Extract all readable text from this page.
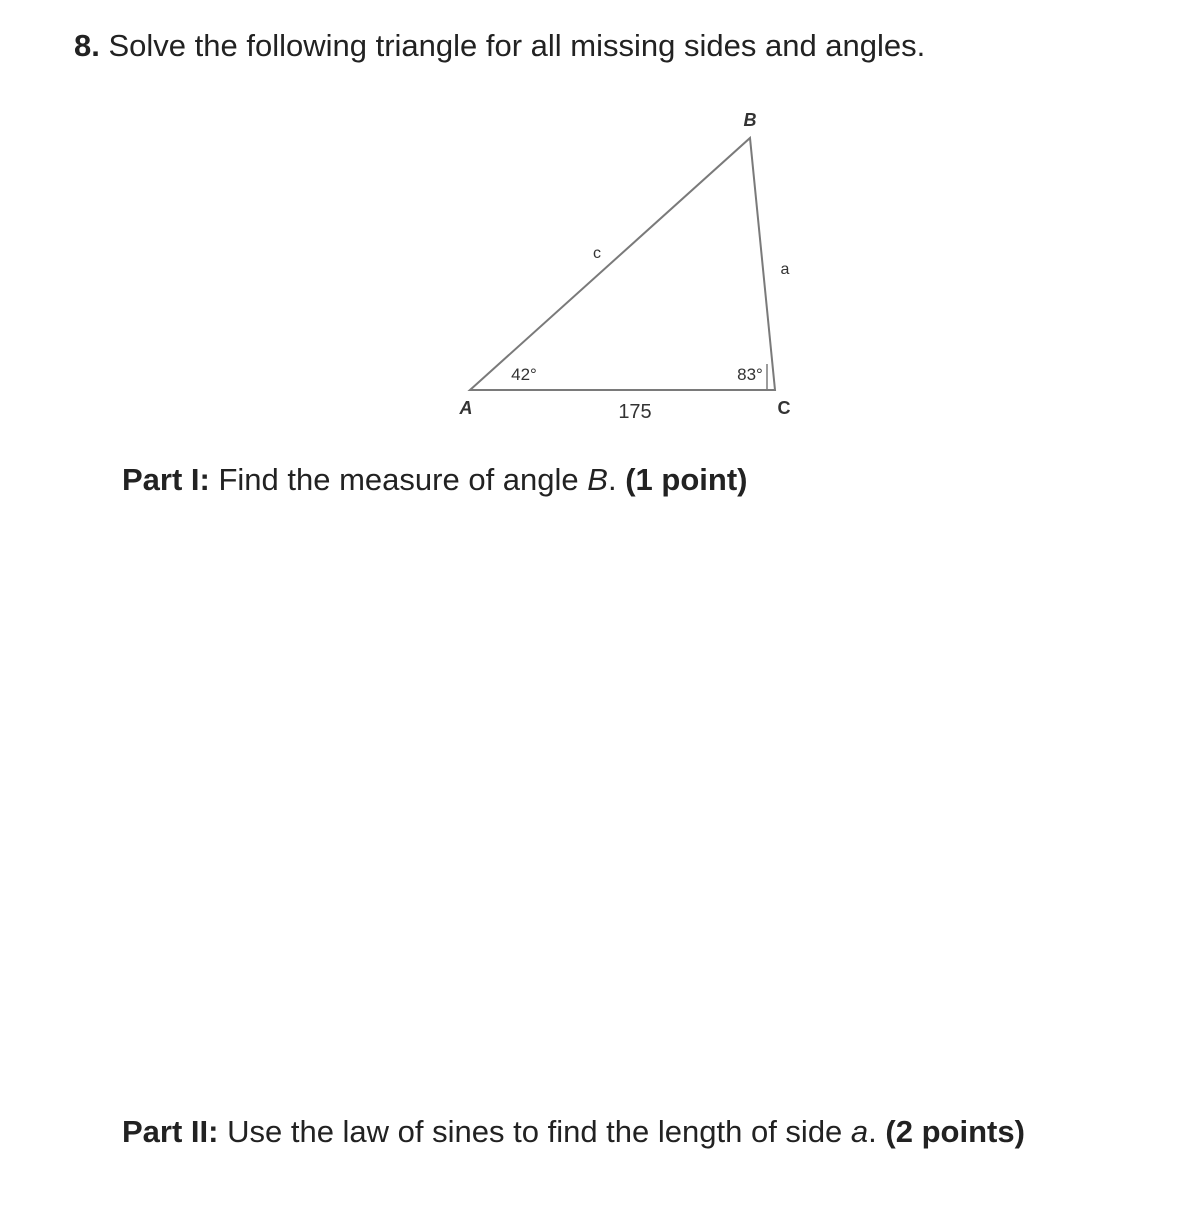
8. Solve the following triangle for all missing sides and angles.
B
A	C
c
a
175
42°	83°
Part I: Find the measure of angle B. (1 point)
Part II: Use the law of sines to find the length of side a. (2 points)
